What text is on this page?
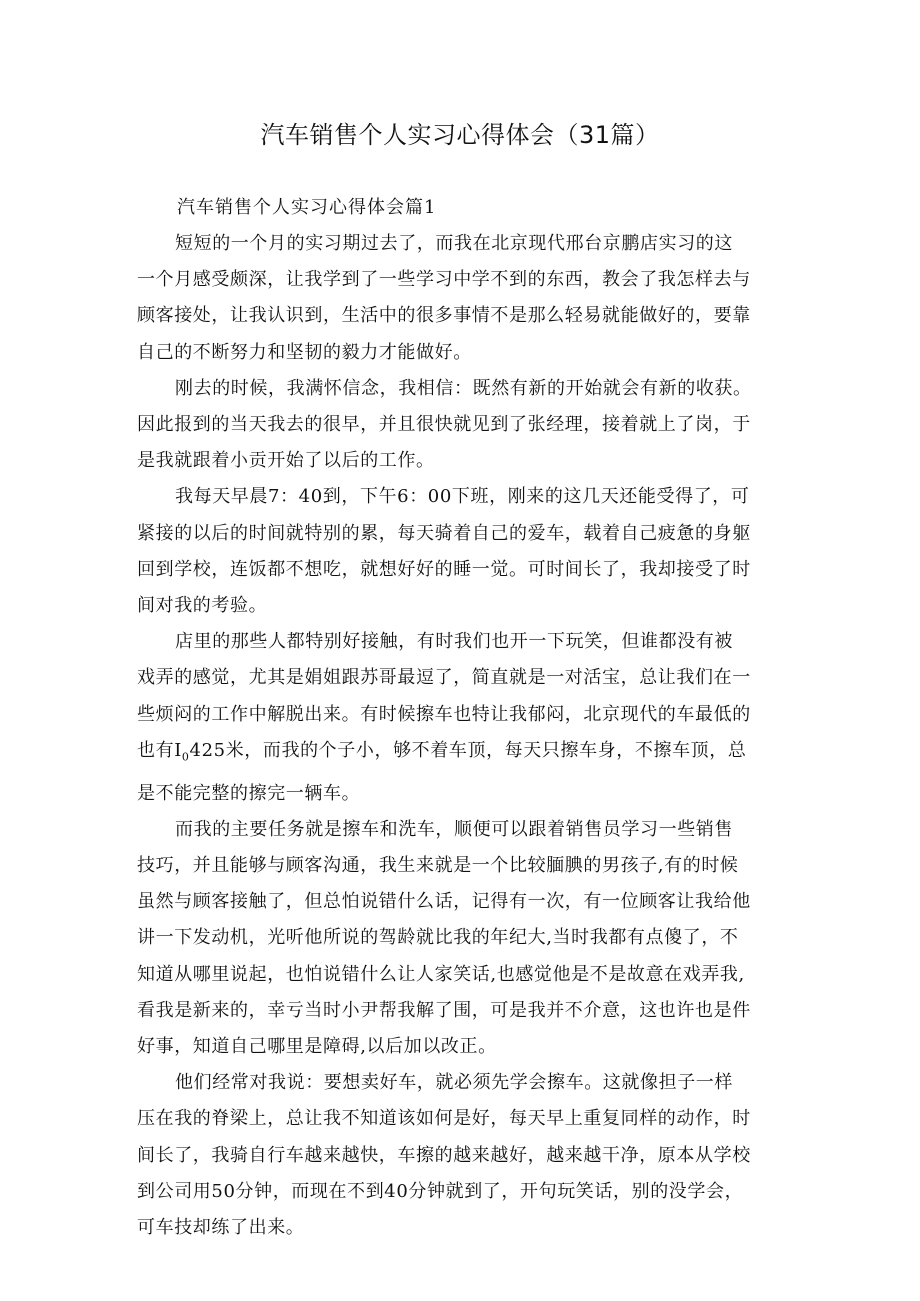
汽车销售个人实习心得体会（31篇）

汽车销售个人实习心得体会篇1

短短的一个月的实习期过去了，而我在北京现代邢台京鹏店实习的这
一个月感受颇深，让我学到了一些学习中学不到的东西，教会了我怎样去与
顾客接处，让我认识到，生活中的很多事情不是那么轻易就能做好的，要靠
自己的不断努力和坚韧的毅力才能做好。

刚去的时候，我满怀信念，我相信：既然有新的开始就会有新的收获。
因此报到的当天我去的很早，并且很快就见到了张经理，接着就上了岗，于
是我就跟着小贡开始了以后的工作。

我每天早晨7：40到，下午6：00下班，刚来的这几天还能受得了，可
紧接的以后的时间就特别的累，每天骑着自己的爱车，载着自己疲惫的身躯
回到学校，连饭都不想吃，就想好好的睡一觉。可时间长了，我却接受了时
间对我的考验。

店里的那些人都特别好接触，有时我们也开一下玩笑，但谁都没有被
戏弄的感觉，尤其是娟姐跟苏哥最逗了，简直就是一对活宝，总让我们在一
些烦闷的工作中解脱出来。有时候擦车也特让我郁闷，北京现代的车最低的
也有$I_0425$米，而我的个子小，够不着车顶，每天只擦车身，不擦车顶，总
是不能完整的擦完一辆车。

而我的主要任务就是擦车和洗车，顺便可以跟着销售员学习一些销售
技巧，并且能够与顾客沟通，我生来就是一个比较腼腆的男孩子,有的时候
虽然与顾客接触了，但总怕说错什么话，记得有一次，有一位顾客让我给他
讲一下发动机，光听他所说的驾龄就比我的年纪大,当时我都有点傻了，不
知道从哪里说起，也怕说错什么让人家笑话,也感觉他是不是故意在戏弄我,
看我是新来的，幸亏当时小尹帮我解了围，可是我并不介意，这也许也是件
好事，知道自己哪里是障碍,以后加以改正。

他们经常对我说：要想卖好车，就必须先学会擦车。这就像担子一样
压在我的脊梁上，总让我不知道该如何是好，每天早上重复同样的动作，时
间长了，我骑自行车越来越快，车擦的越来越好，越来越干净，原本从学校
到公司用50分钟，而现在不到40分钟就到了，开句玩笑话，别的没学会，
可车技却练了出来。
